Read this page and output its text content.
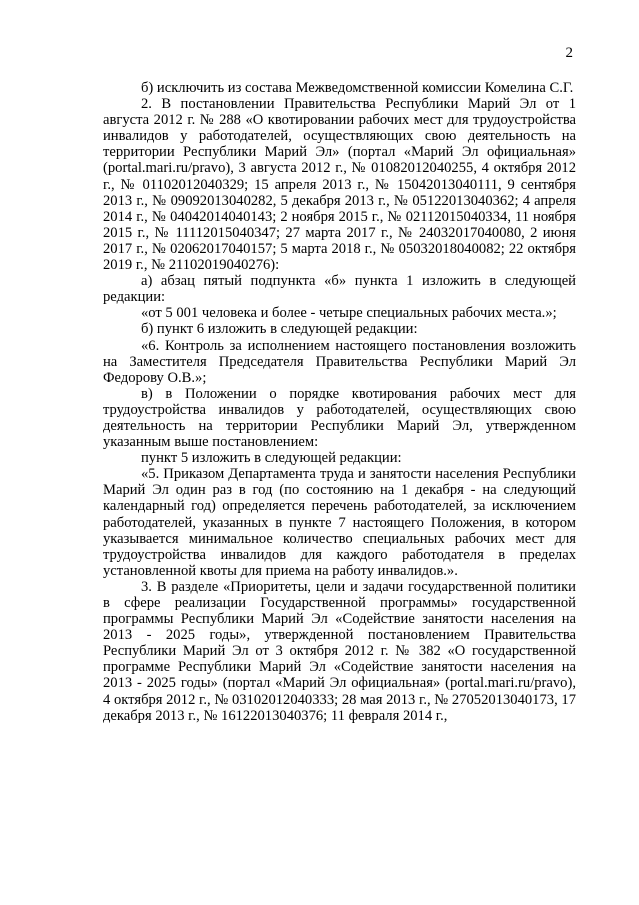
2

б) исключить из состава Межведомственной комиссии Комелина С.Г.

2. В постановлении Правительства Республики Марий Эл от 1 августа 2012 г. № 288 «О квотировании рабочих мест для трудоустройства инвалидов у работодателей, осуществляющих свою деятельность на территории Республики Марий Эл» (портал «Марий Эл официальная» (portal.mari.ru/pravo), 3 августа 2012 г., № 01082012040255, 4 октября 2012 г., № 01102012040329; 15 апреля 2013 г., № 15042013040111, 9 сентября 2013 г., № 09092013040282, 5 декабря 2013 г., № 05122013040362; 4 апреля 2014 г., № 04042014040143; 2 ноября 2015 г., № 02112015040334, 11 ноября 2015 г., № 11112015040347; 27 марта 2017 г., № 24032017040080, 2 июня 2017 г., № 02062017040157; 5 марта 2018 г., № 05032018040082; 22 октября 2019 г., № 21102019040276):

а) абзац пятый подпункта «б» пункта 1 изложить в следующей редакции:

«от 5 001 человека и более - четыре специальных рабочих места.»;

б) пункт 6 изложить в следующей редакции:

«6. Контроль за исполнением настоящего постановления возложить на Заместителя Председателя Правительства Республики Марий Эл Федорову О.В.»;

в) в Положении о порядке квотирования рабочих мест для трудоустройства инвалидов у работодателей, осуществляющих свою деятельность на территории Республики Марий Эл, утвержденном указанным выше постановлением:

пункт 5 изложить в следующей редакции:

«5. Приказом Департамента труда и занятости населения Республики Марий Эл один раз в год (по состоянию на 1 декабря - на следующий календарный год) определяется перечень работодателей, за исключением работодателей, указанных в пункте 7 настоящего Положения, в котором указывается минимальное количество специальных рабочих мест для трудоустройства инвалидов для каждого работодателя в пределах установленной квоты для приема на работу инвалидов.».

3. В разделе «Приоритеты, цели и задачи государственной политики в сфере реализации Государственной программы» государственной программы Республики Марий Эл «Содействие занятости населения на 2013 - 2025 годы», утвержденной постановлением Правительства Республики Марий Эл от 3 октября 2012 г. № 382 «О государственной программе Республики Марий Эл «Содействие занятости населения на 2013 - 2025 годы» (портал «Марий Эл официальная» (portal.mari.ru/pravo), 4 октября 2012 г., № 03102012040333; 28 мая 2013 г., № 27052013040173, 17 декабря 2013 г., № 16122013040376; 11 февраля 2014 г.,
